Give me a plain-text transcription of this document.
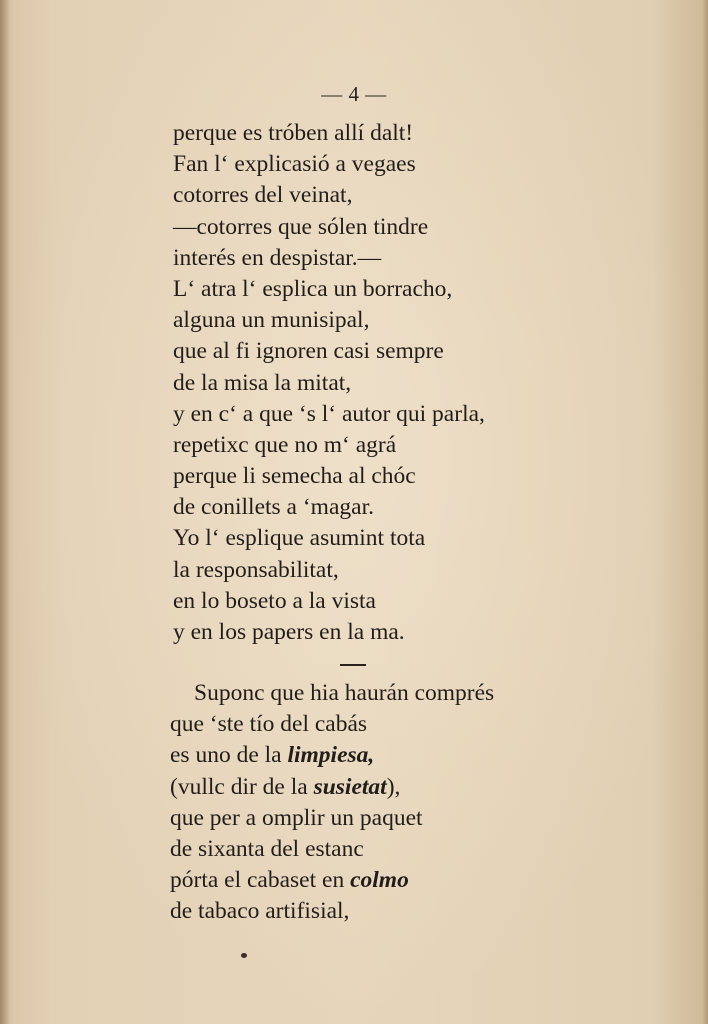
— 4 —
perque es tróben allí dalt!
Fan l‘ explicasió a vegaes
cotorres del veinat,
—cotorres que sólen tindre
interés en despistar.—
L‘ atra l‘ esplica un borracho,
alguna un munisipal,
que al fi ignoren casi sempre
de la misa la mitat,
y en c‘ a que ‘s l‘ autor qui parla,
repetixc que no m‘ agrá
perque li semecha al chóc
de conillets a ‘magar.
Yo l‘ esplique asumint tota
la responsabilitat,
en lo boseto a la vista
y en los papers en la ma.
Suponc que hia haurán comprés
que ‘ste tío del cabás
es uno de la limpiesa,
(vullc dir de la susietat),
que per a omplir un paquet
de sixanta del estanc
pórta el cabaset en colmo
de tabaco artifisial,
